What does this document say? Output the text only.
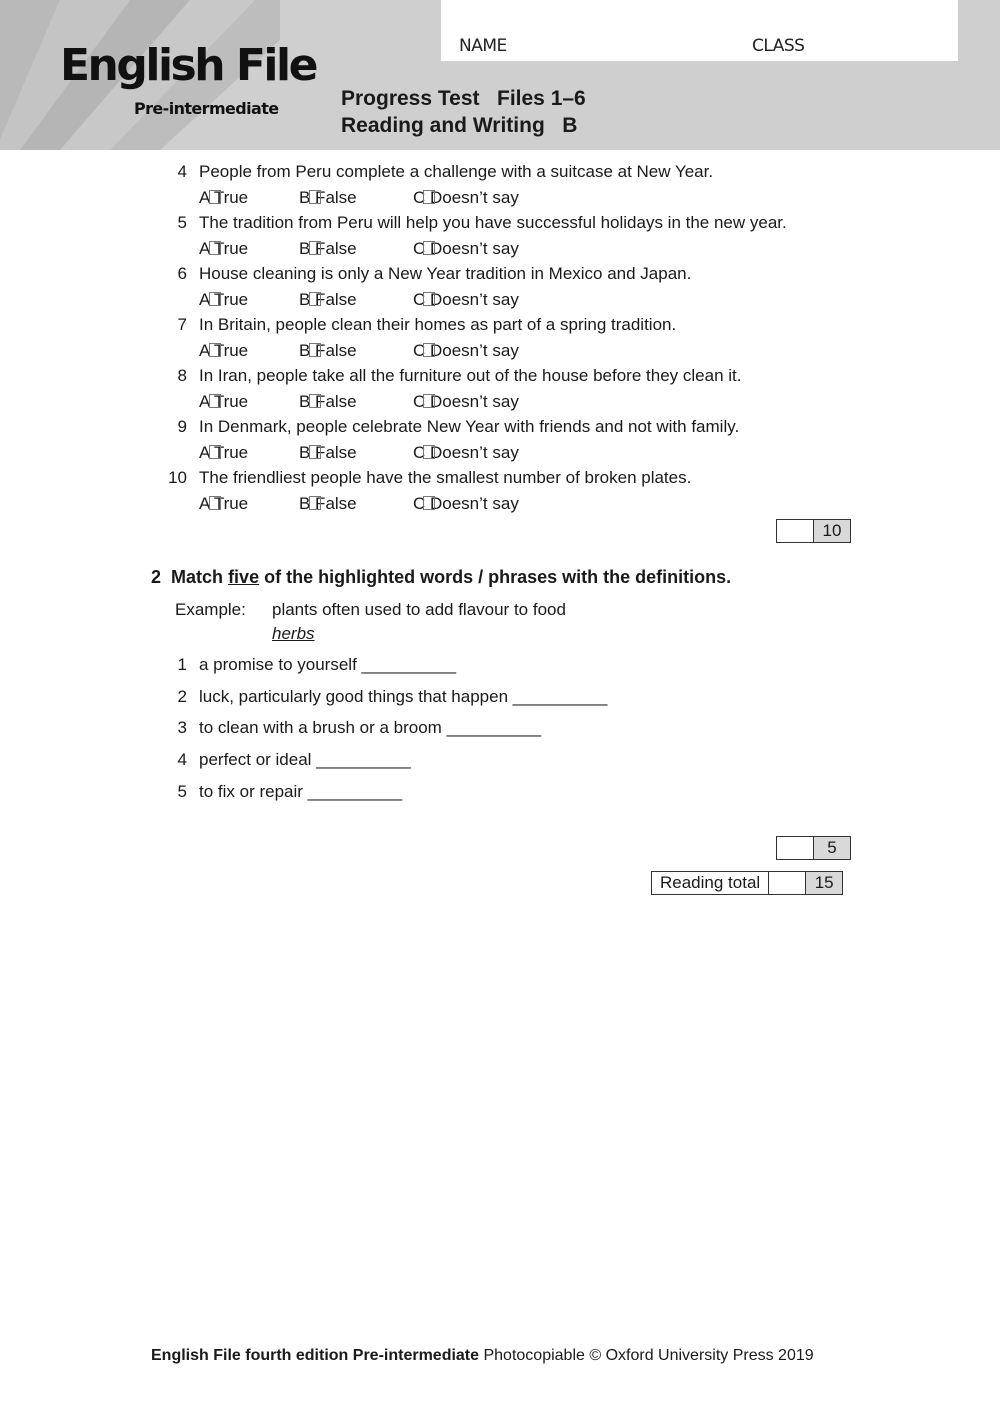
English File
Pre-intermediate
NAME	CLASS
Progress Test   Files 1–6
Reading and Writing   B
4 People from Peru complete a challenge with a suitcase at New Year.
A True	B False	C Doesn’t say
5 The tradition from Peru will help you have successful holidays in the new year.
A True	B False	C Doesn’t say
6 House cleaning is only a New Year tradition in Mexico and Japan.
A True	B False	C Doesn’t say
7 In Britain, people clean their homes as part of a spring tradition.
A True	B False	C Doesn’t say
8 In Iran, people take all the furniture out of the house before they clean it.
A True	B False	C Doesn’t say
9 In Denmark, people celebrate New Year with friends and not with family.
A True	B False	C Doesn’t say
10 The friendliest people have the smallest number of broken plates.
A True	B False	C Doesn’t say
10
2 Match five of the highlighted words / phrases with the definitions.
Example: plants often used to add flavour to food
herbs
1 a promise to yourself __________
2 luck, particularly good things that happen __________
3 to clean with a brush or a broom __________
4 perfect or ideal __________
5 to fix or repair __________
5
Reading total	15
English File fourth edition Pre-intermediate Photocopiable © Oxford University Press 2019
